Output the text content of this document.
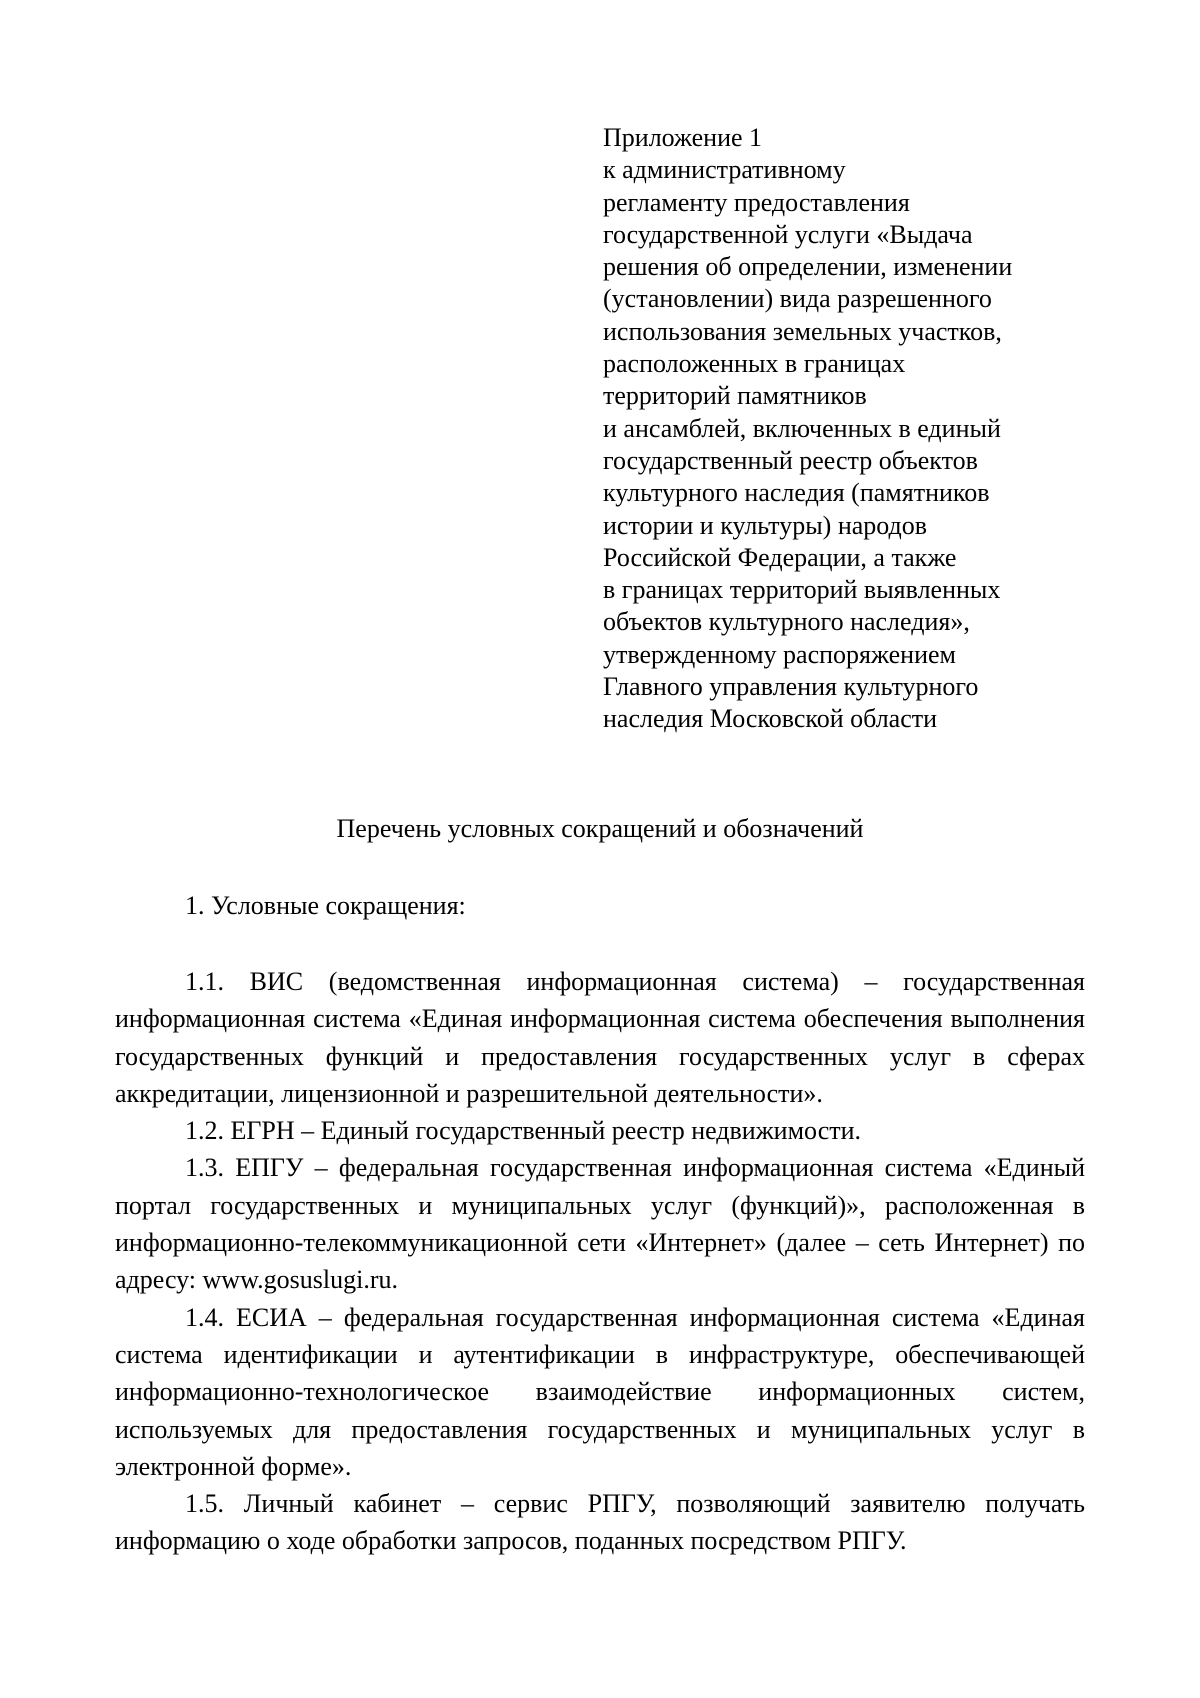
Приложение 1
к административному
регламенту предоставления
государственной услуги «Выдача
решения об определении, изменении
(установлении) вида разрешенного
использования земельных участков,
расположенных в границах
территорий памятников
и ансамблей, включенных в единый
государственный реестр объектов
культурного наследия (памятников
истории и культуры) народов
Российской Федерации, а также
в границах территорий выявленных
объектов культурного наследия»,
утвержденному распоряжением
Главного управления культурного
наследия Московской области
Перечень условных сокращений и обозначений
1. Условные сокращения:

1.1. ВИС (ведомственная информационная система) – государственная информационная система «Единая информационная система обеспечения выполнения государственных функций и предоставления государственных услуг в сферах аккредитации, лицензионной и разрешительной деятельности».

1.2. ЕГРН – Единый государственный реестр недвижимости.

1.3. ЕПГУ – федеральная государственная информационная система «Единый портал государственных и муниципальных услуг (функций)», расположенная в информационно-телекоммуникационной сети «Интернет» (далее – сеть Интернет) по адресу: www.gosuslugi.ru.

1.4. ЕСИА – федеральная государственная информационная система «Единая система идентификации и аутентификации в инфраструктуре, обеспечивающей информационно-технологическое взаимодействие информационных систем, используемых для предоставления государственных и муниципальных услуг в электронной форме».

1.5. Личный кабинет – сервис РПГУ, позволяющий заявителю получать информацию о ходе обработки запросов, поданных посредством РПГУ.
